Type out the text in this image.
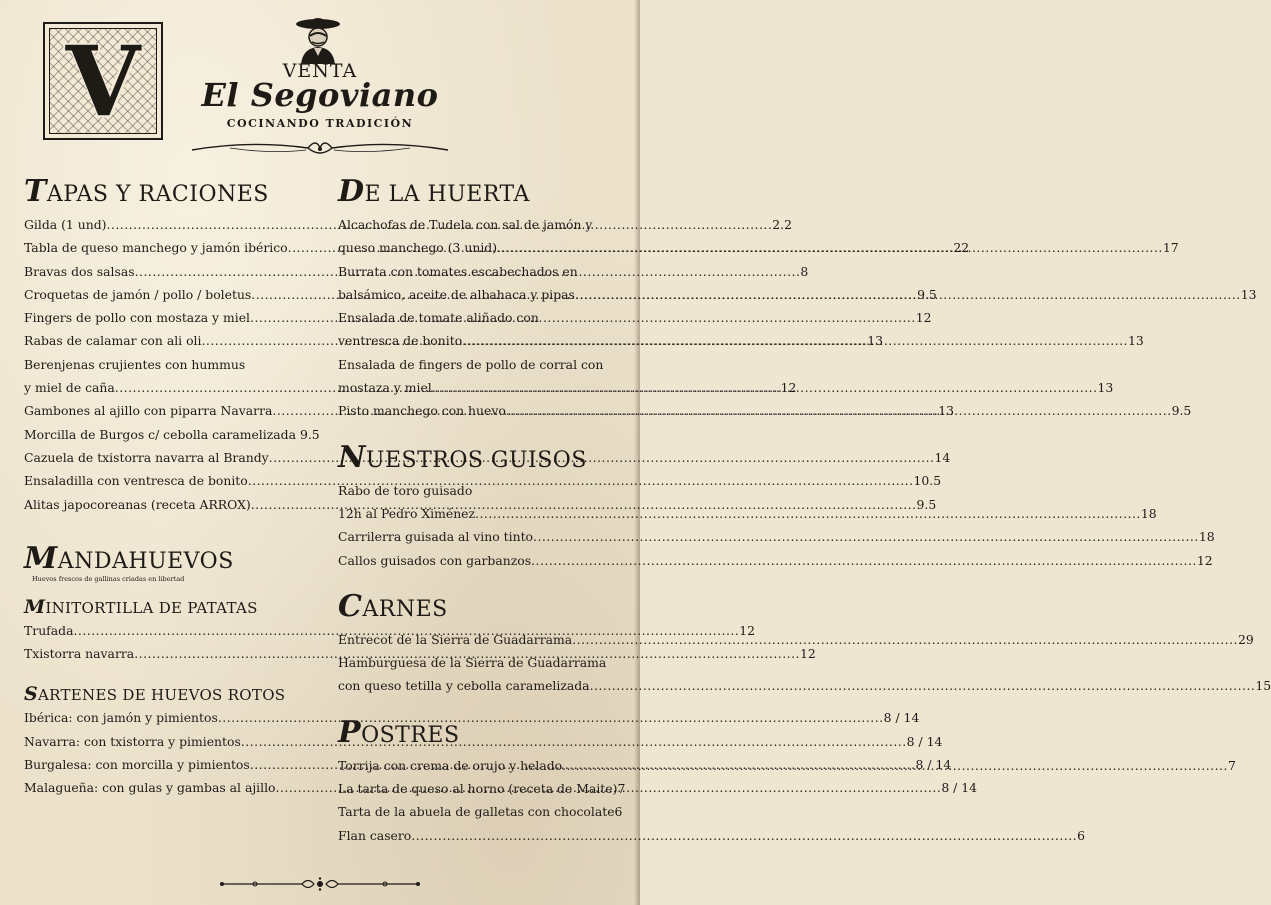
V	VENTA
El Segoviano
COCINANDO TRADICIÓN
TAPAS Y RACIONES
Gilda (1 und) .....	2.2
Tabla de queso manchego y jamón ibérico .....	22
Bravas dos salsas .....	8
Croquetas de jamón / pollo / boletus .....	9.5
Fingers de pollo con mostaza y miel .....	12
Rabas de calamar con ali oli .....	13
Berenjenas crujientes con hummus
y miel de caña .....	12
Gambones al ajillo con piparra Navarra .....	13
Morcilla de Burgos c/ cebolla caramelizada 9.5
Cazuela de txistorra navarra al Brandy .....	14
Ensaladilla con ventresca de bonito .....	10.5
Alitas japocoreanas (receta ARROX) .....	9.5
MANDAHUEVOS
Huevos frescos de gallinas criadas en libertad
MINITORTILLA DE PATATAS
Trufada .....	12
Txistorra navarra .....	12
SARTENES DE HUEVOS ROTOS
Ibérica: con jamón y pimientos .....	8 / 14
Navarra: con txistorra y pimientos .....	8 / 14
Burgalesa: con morcilla y pimientos .....	8 / 14
Malagueña: con gulas y gambas al ajillo .....	8 / 14
DE LA HUERTA
Alcachofas de Tudela con sal de jamón y
queso manchego (3 unid) .....	17
Burrata con tomates escabechados en
balsámico, aceite de albahaca y pipas .....	13
Ensalada de tomate aliñado con
ventresca de bonito .....	13
Ensalada de fingers de pollo de corral con
mostaza y miel .....	13
Pisto manchego con huevo .....	9.5
NUESTROS GUISOS
Rabo de toro guisado
12h al Pedro Ximénez .....	18
Carrilerra guisada al vino tinto .....	18
Callos guisados con garbanzos .....	12
CARNES
Entrecot de la Sierra de Guadarrama .....	29
Hamburguesa de la Sierra de Guadarrama
con queso tetilla y cebolla caramelizada .....	15
POSTRES
Torrija con crema de orujo y helado .....	7
La tarta de queso al horno (receta de Maite) 7
Tarta de la abuela de galletas con chocolate 6
Flan casero .....	6
